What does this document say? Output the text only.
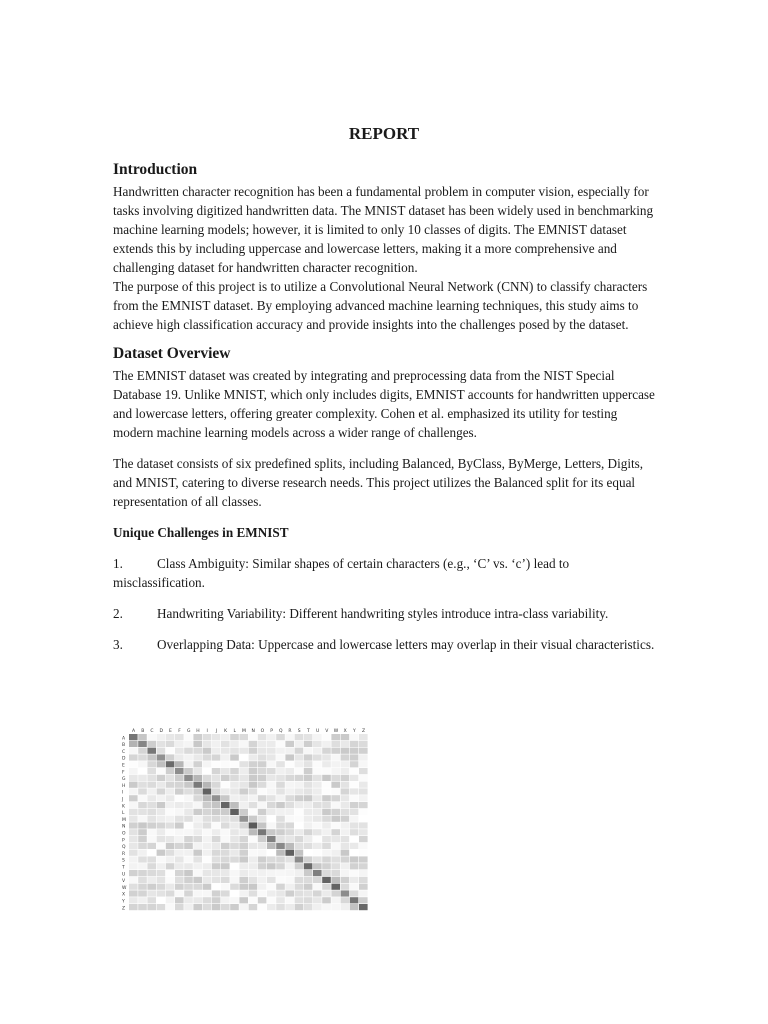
REPORT
Introduction

Handwritten character recognition has been a fundamental problem in computer vision, especially for tasks involving digitized handwritten data. The MNIST dataset has been widely used in benchmarking machine learning models; however, it is limited to only 10 classes of digits. The EMNIST dataset extends this by including uppercase and lowercase letters, making it a more comprehensive and challenging dataset for handwritten character recognition.

The purpose of this project is to utilize a Convolutional Neural Network (CNN) to classify characters from the EMNIST dataset. By employing advanced machine learning techniques, this study aims to achieve high classification accuracy and provide insights into the challenges posed by the dataset.

Dataset Overview

The EMNIST dataset was created by integrating and preprocessing data from the NIST Special Database 19. Unlike MNIST, which only includes digits, EMNIST accounts for handwritten uppercase and lowercase letters, offering greater complexity. Cohen et al. emphasized its utility for testing modern machine learning models across a wider range of challenges.

The dataset consists of six predefined splits, including Balanced, ByClass, ByMerge, Letters, Digits, and MNIST, catering to diverse research needs. This project utilizes the Balanced split for its equal representation of all classes.

Unique Challenges in EMNIST

1.	Class Ambiguity: Similar shapes of certain characters (e.g., ‘C’ vs. ‘c’) lead to misclassification.
2.	Handwriting Variability: Different handwriting styles introduce intra-class variability.
3.	Overlapping Data: Uppercase and lowercase letters may overlap in their visual characteristics.
A
A
B
B
C
C
D
D
E
E
F
F
G
G
H
H
I
I
J
J
K
K
L
L
M
M
N
N
O
O
P
P
Q
Q
R
R
S
S
T
T
U
U
V
V
W
W
X
X
Y
Y
Z
Z
